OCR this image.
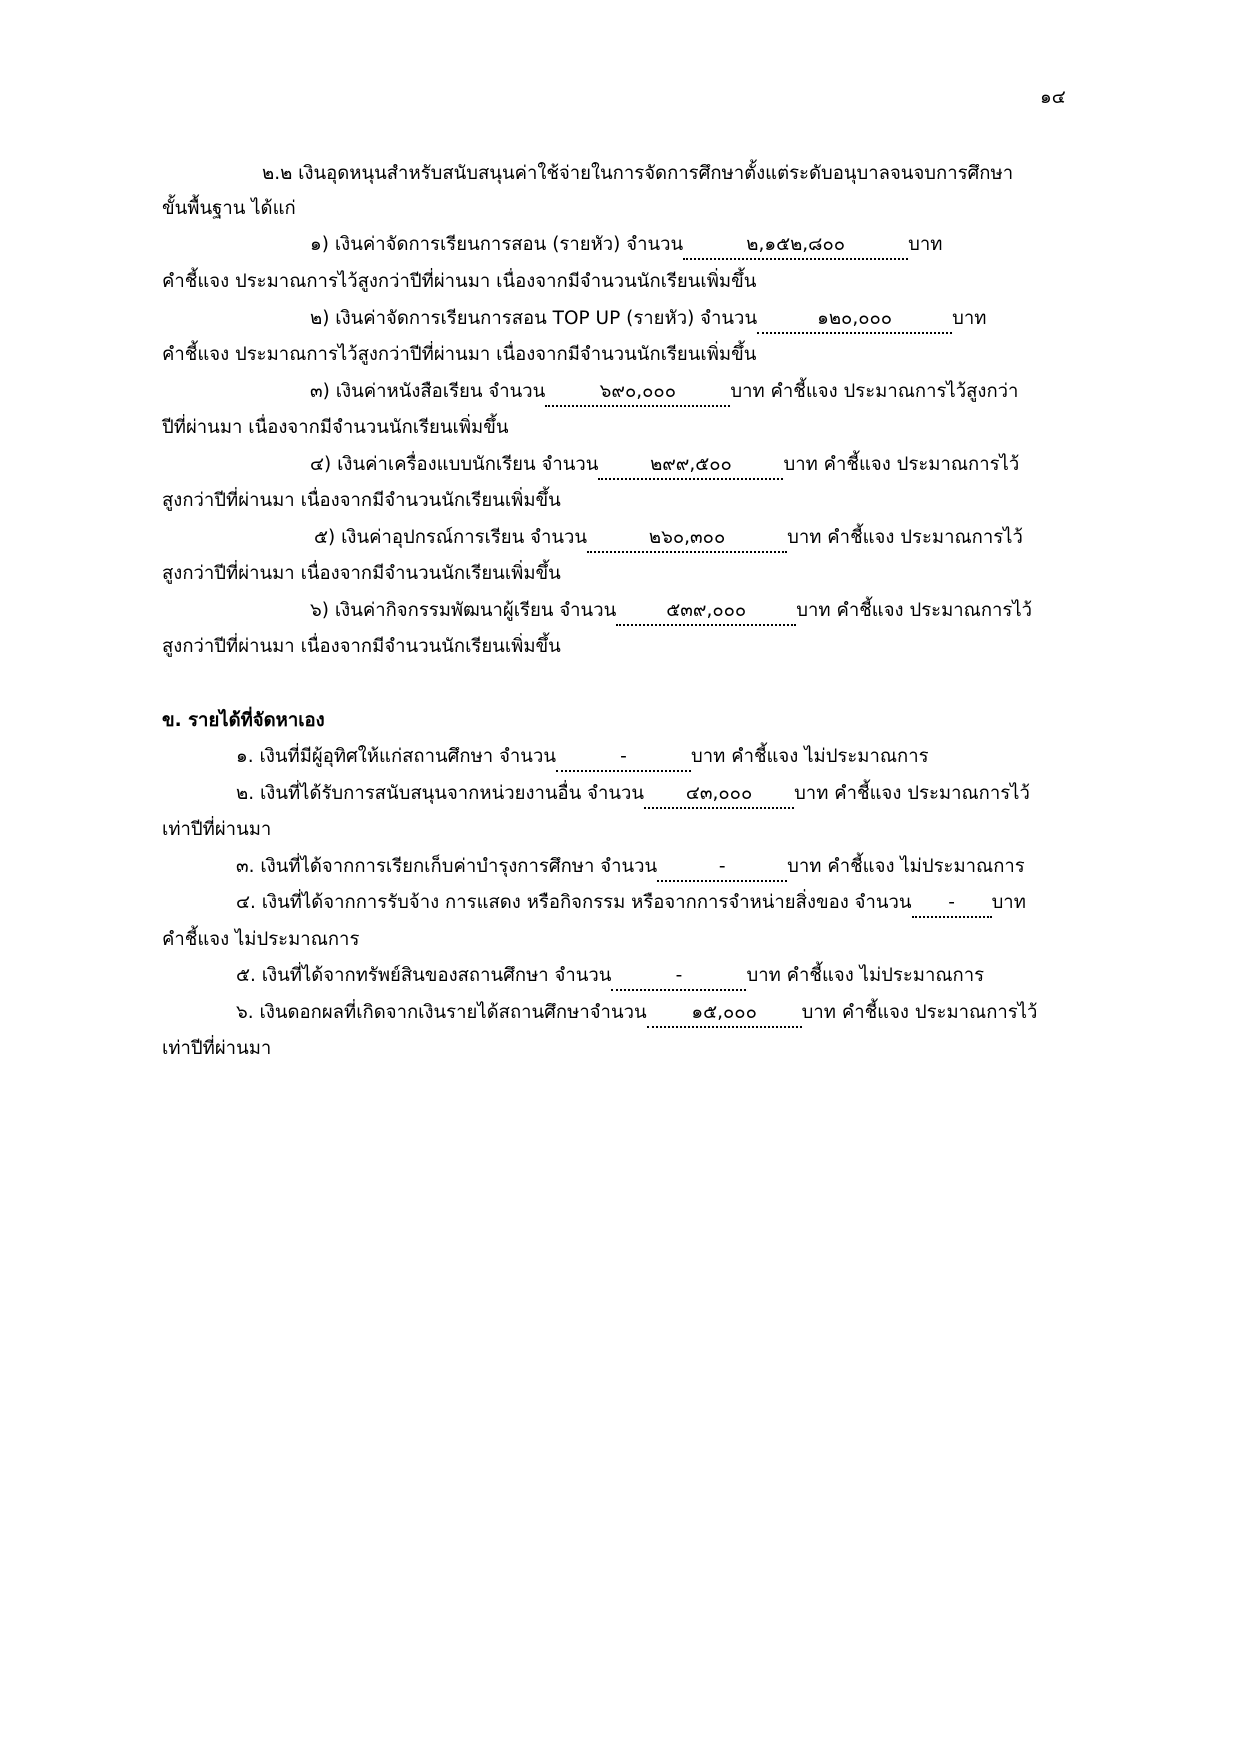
๑๔
๒.๒ เงินอุดหนุนสำหรับสนับสนุนค่าใช้จ่ายในการจัดการศึกษาตั้งแต่ระดับอนุบาลจนจบการศึกษา
ขั้นพื้นฐาน ได้แก่
๑) เงินค่าจัดการเรียนการสอน (รายหัว) จำนวน	๒,๑๕๒,๘๐๐	บาท
คำชี้แจง ประมาณการไว้สูงกว่าปีที่ผ่านมา เนื่องจากมีจำนวนนักเรียนเพิ่มขึ้น
๒) เงินค่าจัดการเรียนการสอน TOP UP (รายหัว) จำนวน	๑๒๐,๐๐๐	บาท
คำชี้แจง ประมาณการไว้สูงกว่าปีที่ผ่านมา เนื่องจากมีจำนวนนักเรียนเพิ่มขึ้น
๓) เงินค่าหนังสือเรียน จำนวน	๖๙๐,๐๐๐	บาท คำชี้แจง ประมาณการไว้สูงกว่า
ปีที่ผ่านมา เนื่องจากมีจำนวนนักเรียนเพิ่มขึ้น
๔) เงินค่าเครื่องแบบนักเรียน จำนวน	๒๙๙,๕๐๐	บาท คำชี้แจง ประมาณการไว้
สูงกว่าปีที่ผ่านมา เนื่องจากมีจำนวนนักเรียนเพิ่มขึ้น
๕) เงินค่าอุปกรณ์การเรียน จำนวน	๒๖๐,๓๐๐	บาท คำชี้แจง ประมาณการไว้
สูงกว่าปีที่ผ่านมา เนื่องจากมีจำนวนนักเรียนเพิ่มขึ้น
๖) เงินค่ากิจกรรมพัฒนาผู้เรียน จำนวน	๕๓๙,๐๐๐	บาท คำชี้แจง ประมาณการไว้
สูงกว่าปีที่ผ่านมา เนื่องจากมีจำนวนนักเรียนเพิ่มขึ้น
ข. รายได้ที่จัดหาเอง
๑. เงินที่มีผู้อุทิศให้แก่สถานศึกษา จำนวน	-	บาท คำชี้แจง ไม่ประมาณการ
๒. เงินที่ได้รับการสนับสนุนจากหน่วยงานอื่น จำนวน ๔๓,๐๐๐ บาท คำชี้แจง ประมาณการไว้
เท่าปีที่ผ่านมา
๓. เงินที่ได้จากการเรียกเก็บค่าบำรุงการศึกษา จำนวน	-	บาท คำชี้แจง ไม่ประมาณการ
๔. เงินที่ได้จากการรับจ้าง การแสดง หรือกิจกรรม หรือจากการจำหน่ายสิ่งของ จำนวน - บาท
คำชี้แจง ไม่ประมาณการ
๕. เงินที่ได้จากทรัพย์สินของสถานศึกษา จำนวน	-	บาท คำชี้แจง ไม่ประมาณการ
๖. เงินดอกผลที่เกิดจากเงินรายได้สถานศึกษาจำนวน ๑๕,๐๐๐ บาท คำชี้แจง ประมาณการไว้
เท่าปีที่ผ่านมา
